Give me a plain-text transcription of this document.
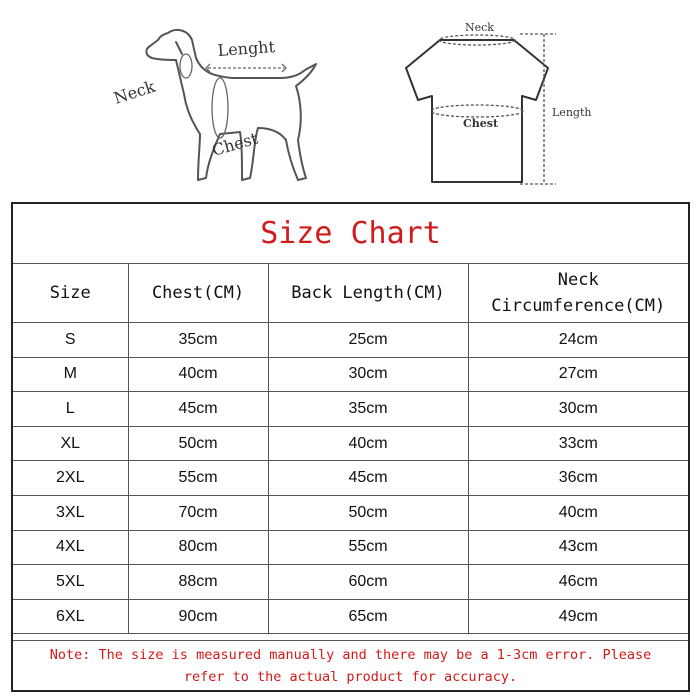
Lenght
Neck
Chest
Neck
Chest
Length
Size Chart
Size	Chest(CM)	Back Length(CM)	Neck
Circumference(CM)
S	35cm	25cm	24cm
M	40cm	30cm	27cm
L	45cm	35cm	30cm
XL	50cm	40cm	33cm
2XL	55cm	45cm	36cm
3XL	70cm	50cm	40cm
4XL	80cm	55cm	43cm
5XL	88cm	60cm	46cm
6XL	90cm	65cm	49cm
Note: The size is measured manually and there may be a 1-3cm error. Please refer to the actual product for accuracy.
